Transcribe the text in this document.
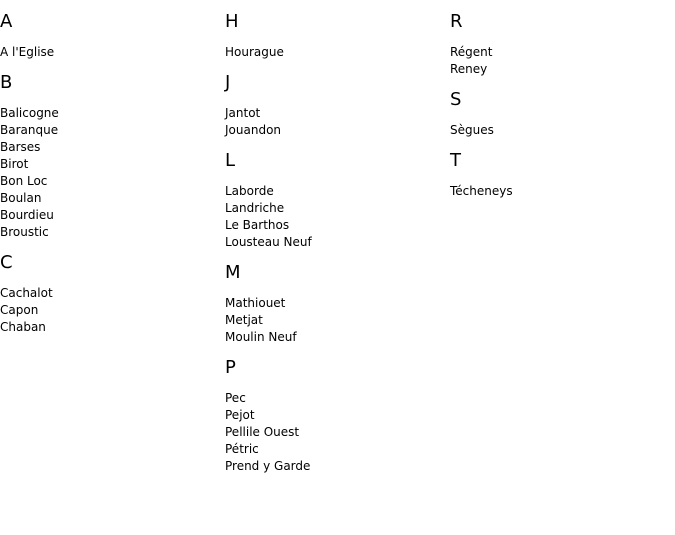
A
A l'Eglise
B
Balicogne
Baranque
Barses
Birot
Bon Loc
Boulan
Bourdieu
Broustic
C
Cachalot
Capon
Chaban
H
Hourague
J
Jantot
Jouandon
L
Laborde
Landriche
Le Barthos
Lousteau Neuf
M
Mathiouet
Metjat
Moulin Neuf
P
Pec
Pejot
Pellile Ouest
Pétric
Prend y Garde
R
Régent
Reney
S
Sègues
T
Técheneys
